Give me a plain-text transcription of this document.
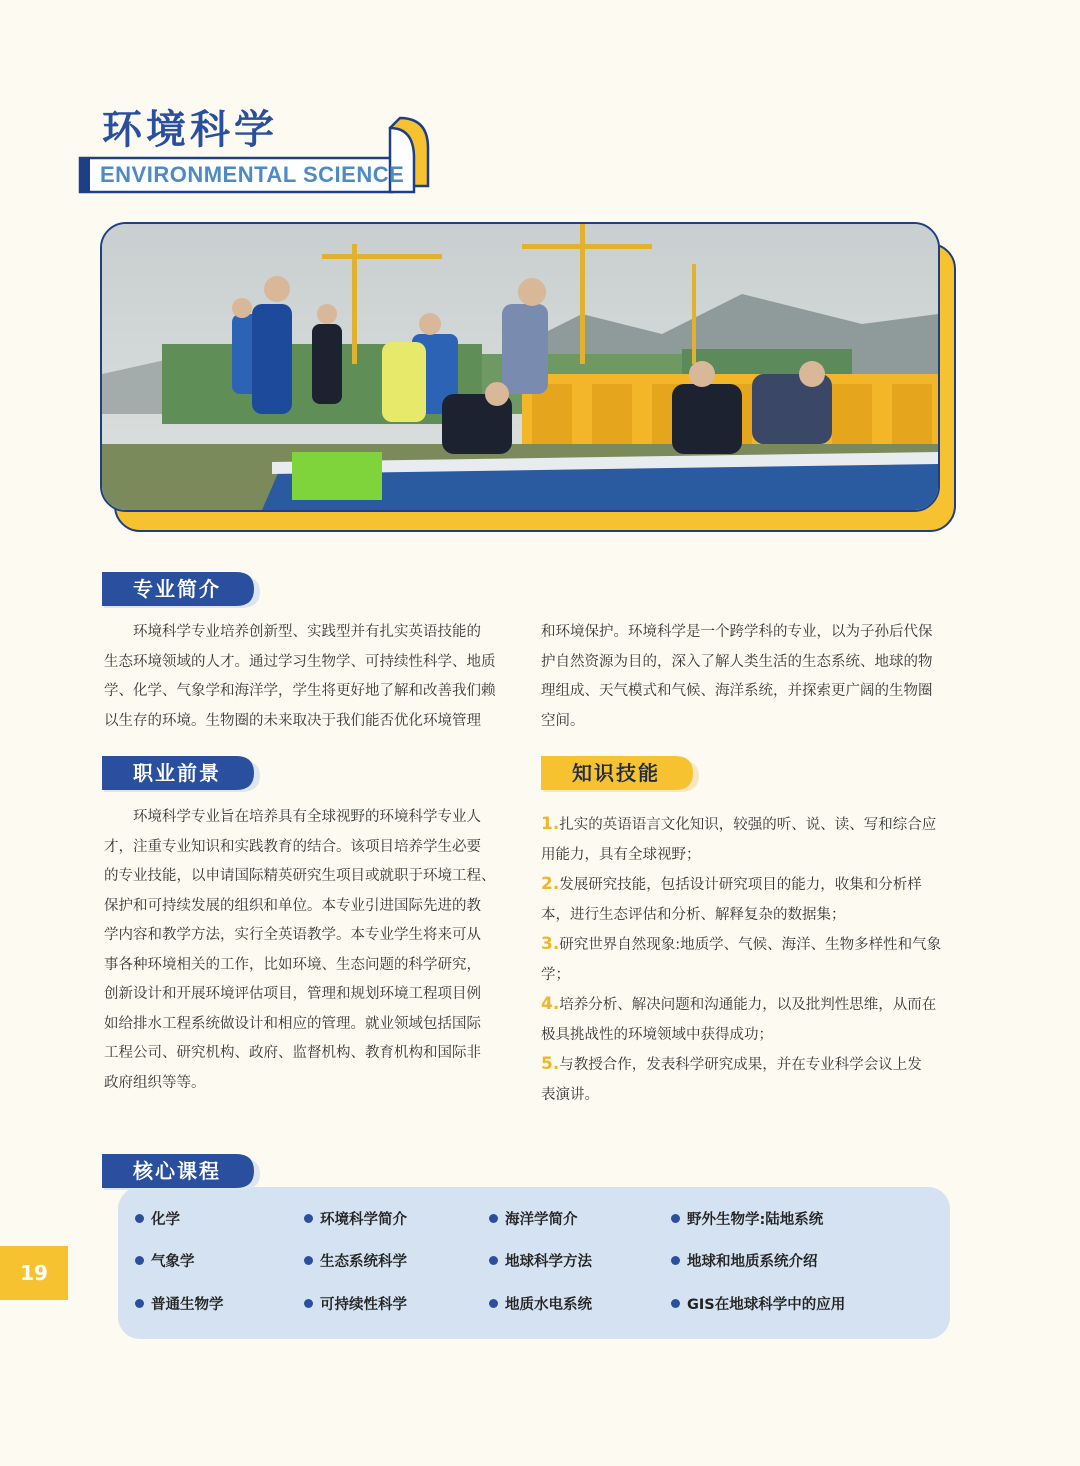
环境科学
ENVIRONMENTAL SCIENCE
专业简介

环境科学专业培养创新型、实践型并有扎实英语技能的

生态环境领域的人才。通过学习生物学、可持续性科学、地质

学、化学、气象学和海洋学，学生将更好地了解和改善我们赖

以生存的环境。生物圈的未来取决于我们能否优化环境管理

和环境保护。环境科学是一个跨学科的专业，以为子孙后代保

护自然资源为目的，深入了解人类生活的生态系统、地球的物

理组成、天气模式和气候、海洋系统，并探索更广阔的生物圈

空间。

职业前景

环境科学专业旨在培养具有全球视野的环境科学专业人

才，注重专业知识和实践教育的结合。该项目培养学生必要

的专业技能，以申请国际精英研究生项目或就职于环境工程、

保护和可持续发展的组织和单位。本专业引进国际先进的教

学内容和教学方法，实行全英语教学。本专业学生将来可从

事各种环境相关的工作，比如环境、生态问题的科学研究，

创新设计和开展环境评估项目，管理和规划环境工程项目例

如给排水工程系统做设计和相应的管理。就业领域包括国际

工程公司、研究机构、政府、监督机构、教育机构和国际非

政府组织等等。

知识技能

1.扎实的英语语言文化知识，较强的听、说、读、写和综合应

用能力，具有全球视野；

2.发展研究技能，包括设计研究项目的能力，收集和分析样

本，进行生态评估和分析、解释复杂的数据集；

3.研究世界自然现象:地质学、气候、海洋、生物多样性和气象

学；

4.培养分析、解决问题和沟通能力，以及批判性思维，从而在

极具挑战性的环境领域中获得成功；

5.与教授合作，发表科学研究成果，并在专业科学会议上发

表演讲。

19
核心课程
化学	环境科学简介	海洋学简介	野外生物学:陆地系统
气象学	生态系统科学	地球科学方法	地球和地质系统介绍
普通生物学	可持续性科学	地质水电系统	GIS在地球科学中的应用
